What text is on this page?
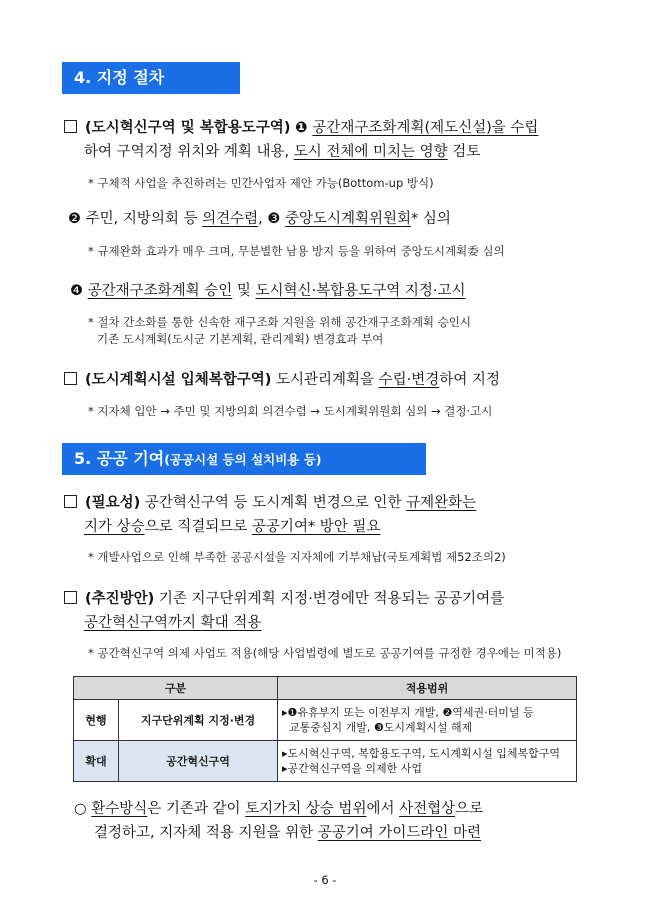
4. 지정 절차
(도시혁신구역 및 복합용도구역) ❶ 공간재구조화계획(제도신설)을 수립
하여 구역지정 위치와 계획 내용, 도시 전체에 미치는 영향 검토
* 구체적 사업을 추진하려는 민간사업자 제안 가능(Bottom-up 방식)
❷ 주민, 지방의회 등 의견수렴, ❸ 중앙도시계획위원회* 심의
* 규제완화 효과가 매우 크며, 무분별한 남용 방지 등을 위하여 중앙도시계획委 심의
❹ 공간재구조화계획 승인 및 도시혁신·복합용도구역 지정·고시
* 절차 간소화를 통한 신속한 재구조화 지원을 위해 공간재구조화계획 승인시
기존 도시계획(도시군 기본계획, 관리계획) 변경효과 부여
(도시계획시설 입체복합구역) 도시관리계획을 수립·변경하여 지정
* 지자체 입안 → 주민 및 지방의회 의견수렴 → 도시계획위원회 심의 → 결정·고시
5. 공공 기여(공공시설 등의 설치비용 등)
(필요성) 공간혁신구역 등 도시계획 변경으로 인한 규제완화는
지가 상승으로 직결되므로 공공기여* 방안 필요
* 개발사업으로 인해 부족한 공공시설을 지자체에 기부채납(국토계획법 제52조의2)
(추진방안) 기존 지구단위계획 지정·변경에만 적용되는 공공기여를
공간혁신구역까지 확대 적용
* 공간혁신구역 의제 사업도 적용(해당 사업법령에 별도로 공공기여를 규정한 경우에는 미적용)
구분		적용범위
현행	지구단위계획 지정·변경	▸❶유휴부지 또는 이전부지 개발, ❷역세권·터미널 등
교통중심지 개발, ❸도시계획시설 해제

확대	공간혁신구역	▸도시혁신구역, 복합용도구역, 도시계획시설 입체복합구역
▸공간혁신구역을 의제한 사업
○ 환수방식은 기존과 같이 토지가치 상승 범위에서 사전협상으로
결정하고, 지자체 적용 지원을 위한 공공기여 가이드라인 마련
- 6 -
